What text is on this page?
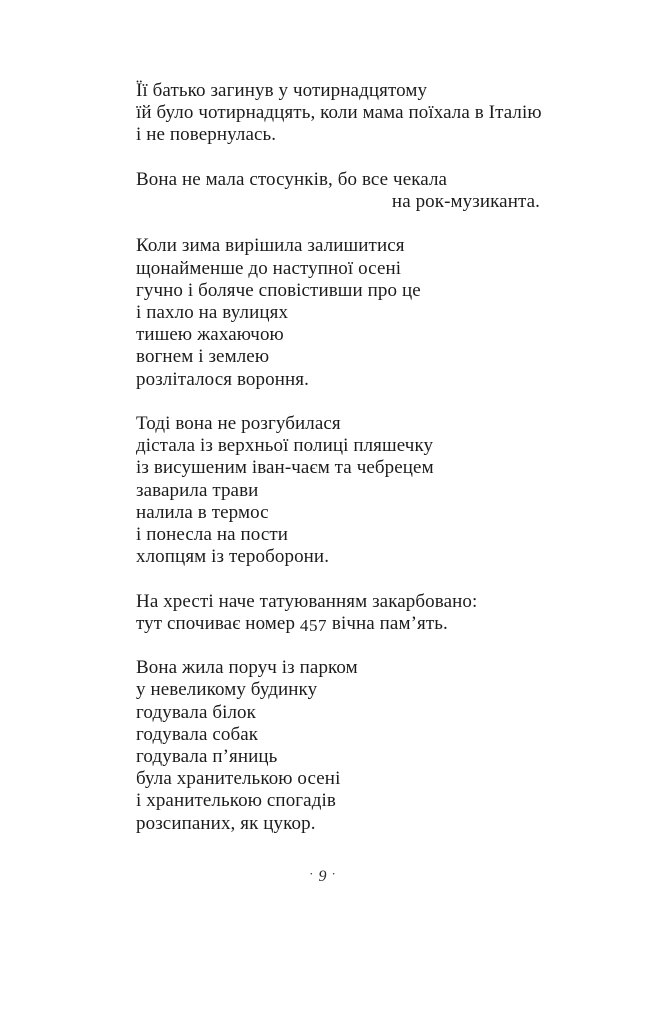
Її батько загинув у чотирнадцятому
їй було чотирнадцять, коли мама поїхала в Італію
і не повернулась.
Вона не мала стосунків, бо все чекала
на рок-музиканта.
Коли зима вирішила залишитися
щонайменше до наступної осені
гучно і боляче сповістивши про це
і пахло на вулицях
тишею жахаючою
вогнем і землею
розліталося вороння.
Тоді вона не розгубилася
дістала із верхньої полиці пляшечку
із висушеним іван-чаєм та чебрецем
заварила трави
налила в термос
і понесла на пости
хлопцям із тероборони.
На хресті наче татуюванням закарбовано:
тут спочиває номер 457 вічна пам’ять.
Вона жила поруч із парком
у невеликому будинку
годувала білок
годувала собак
годувала п’яниць
була хранителькою осені
і хранителькою спогадів
розсипаних, як цукор.
· 9 ·
